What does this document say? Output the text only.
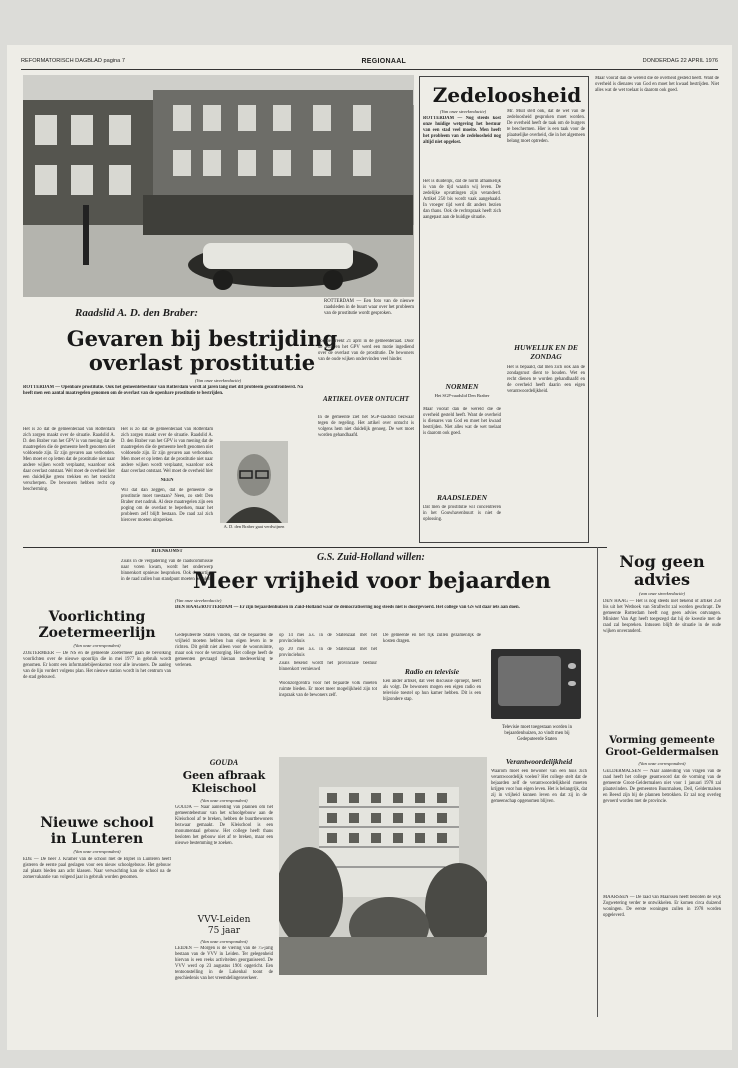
REFORMATORISCH DAGBLAD pagina 7	REGIONAAL	DONDERDAG 22 APRIL 1976
ROTTERDAM — Een foto van de nieuwe raadsleden in de buurt waar over het probleem van de prostitutie wordt gesproken.
Raadslid A. D. den Braber:
Gevaren bij bestrijding
overlast prostitutie
(Van onze streekredactie)
ROTTERDAM — Openbare prostitutie. Ook het gemeentebestuur van Rotterdam wordt al jaren lang met dit probleem geconfronteerd. Na heeft men een aantal maatregelen genomen om de overlast van de openbare prostitutie te bestrijden.
Het is zo dat de gemeenteraad van Rotterdam zich zorgen maakt over de situatie. Raadslid A. D. den Braber van het GPV is van mening dat de maatregelen die de gemeente heeft genomen niet voldoende zijn. Er zijn gevaren aan verbonden. Men moet er op letten dat de prostitutie niet naar andere wijken wordt verplaatst, waardoor ook daar overlast ontstaat. Wel moet de overheid hier een duidelijke grens trekken en het toezicht verscherpen. De bewoners hebben recht op bescherming.
A. D. den Braber gaat verdwijnen
Het is zo dat de gemeenteraad van Rotterdam zich zorgen maakt over de situatie. Raadslid A. D. den Braber van het GPV is van mening dat de maatregelen die de gemeente heeft genomen niet voldoende zijn. Er zijn gevaren aan verbonden. Men moet er op letten dat de prostitutie niet naar andere wijken wordt verplaatst, waardoor ook daar overlast ontstaat. Wel moet de overheid hier
NEEN
Wil dat dan zeggen, dat de gemeente de prostitutie moet toestaan? Neen, zo stelt Den Braber met nadruk. Al deze maatregelen zijn een poging om de overlast te beperken, maar het probleem zelf blijft bestaan. De raad zal zich hierover moeten uitspreken.
BIJENKOMST
Zoals in de vergadering van de raadscommissie naar voren kwam, wordt het onderwerp binnenkort opnieuw besproken. Ook de partijen in de raad zullen hun standpunt moeten bepalen.
doorbespreekt 21 april in de gemeenteraad. Door de SGP en het GPV werd een motie ingediend over de overlast van de prostitutie. De bewoners van de oude wijken ondervinden veel hinder.
ARTIKEL OVER ONTUCHT
In de gemeente ziet het SGP-raadslid bezwaar tegen de regeling. Het artikel over ontucht is volgens hem niet duidelijk genoeg. De wet moet worden gehandhaafd.
Zedeloosheid
(Van onze streekredactie)
ROTTERDAM — Nog steeds kost onze huidige wetgeving het bestuur van een stad veel moeite. Men heeft het probleem van de zedeloosheid nog altijd niet opgelost.
Het is duidelijk, dat de norm afhankelijk is van de tijd waarin wij leven. De zedelijke opvattingen zijn veranderd. Artikel 250 bis wordt vaak aangehaald. In vroeger tijd werd dit anders bezien dan thans. Ook de rechtspraak heeft zich aangepast aan de huidige situatie.
NORMEN
Het SGP-raadslid Den Braber
Mr. Mull stelt ook, dat de wet van de zedeloosheid gesproken moet worden. De overheid heeft de taak om de burgers te beschermen. Hier is een taak voor de plaatselijke overheid, die in het algemeen belang moet optreden.
HUWELIJK EN DE ZONDAG
Het is bepaald, dat men zich ook aan de zondagsrust dient te houden. Wet en recht dienen te worden gehandhaafd en de overheid heeft daarin een eigen verantwoordelijkheid.
Maar vooraf dan de wereld die de overheid gesteld heeft. Want de overheid is dienares van God en moet het kwaad bestrijden. Niet alles wat de wet toelaat is daarom ook goed.
RAADSLEDEN
Dat men de prostitutie wil concentreren in het Gouwhavenbuurt is niet de oplossing.
Maar vooraf dan de wereld die de overheid gesteld heeft. Want de overheid is dienares van God en moet het kwaad bestrijden. Niet alles wat de wet toelaat is daarom ook goed.
G.S. Zuid-Holland willen:
Meer vrijheid voor bejaarden
(Van onze streekredactie)
DEN HAAG/ROTTERDAM — Er zijn bejaardenhuizen in Zuid-Holland waar de democratisering nog steeds niet is doorgevoerd. Het college van GS wil daar iets aan doen.
Gedeputeerde Staten vinden, dat de bejaarden de vrijheid moeten hebben hun eigen leven in te richten. Dit geldt niet alleen voor de woonruimte, maar ook voor de verzorging. Het college heeft de gemeenten gevraagd hieraan medewerking te verlenen.
op 14 mei a.s. in de Statenzaal met het provinciehuis
op 20 mei a.s. in de Statenzaal met het provinciehuis
Zoals bekend wordt het provinciale bestuur binnenkort vernieuwd
Woonzorgcentra voor het bejaarde volk moeten ruimte bieden. Er moet meer mogelijkheid zijn tot inspraak van de bewoners zelf.
De gemeente en het rijk zullen gezamenlijk de kosten dragen.
Radio en televisie
Een ander artikel, dat veel discussie oproept, heeft als volgt. De bewoners mogen een eigen radio en televisie toestel op hun kamer hebben. Dit is een bijzondere stap.
Televisie moet toegestaan worden in bejaardenhuizen, zo vindt men bij Gedeputeerde Staten
Verantwoordelijkheid
Waarom moet een bewoner van een huis zich verantwoordelijk voelen? Het college stelt dat de bejaarden zelf de verantwoordelijkheid moeten krijgen voor hun eigen leven. Het is belangrijk, dat zij in vrijheid kunnen leven en dat zij in de gemeenschap opgenomen blijven.
Voorlichting
Zoetermeerlijn
(Van onze correspondent)
ZOETERMEER — De NS en de gemeente Zoetermeer gaan de bevolking voorlichten over de nieuwe spoorlijn die in mei 1977 in gebruik wordt genomen. Er komt een informatiebijeenkomst voor alle inwoners. De aanleg van de lijn vordert volgens plan. Het nieuwe station wordt in het centrum van de stad gebouwd.
Nieuwe school
in Lunteren
(Van onze correspondent)
EDE — De heer J. Kramer van de school met de Bijbel in Lunteren heeft gisteren de eerste paal geslagen voor een nieuw schoolgebouw. Het gebouw zal plaats bieden aan acht klassen. Naar verwachting kan de school na de zomervakantie van volgend jaar in gebruik worden genomen.
GOUDA
Geen afbraak
Kleischool
(Van onze correspondent)
GOUDA — Naar aanleiding van plannen om het gemeentebestuur van het schoolgebouw aan de Kleischool af te breken, hebben de buurtbewoners bezwaar gemaakt. De Kleischool is een monumentaal gebouw. Het college heeft thans besloten het gebouw niet af te breken, maar een nieuwe bestemming te zoeken.
VVV-Leiden
75 jaar
(Van onze correspondent)
LEIDEN — Morgen is de viering van de 75-jarig bestaan van de VVV in Leiden. Ter gelegenheid hiervan is een reeks activiteiten georganiseerd. De VVV werd op 23 augustus 1901 opgericht. Een tentoonstelling in de Lakenhal toont de geschiedenis van het vreemdelingenverkeer.
Nog geen
advies
(van onze streekredactie)
DEN HAAG — Het is nog steeds niet bekend of artikel 250 bis uit het Wetboek van Strafrecht zal worden geschrapt. De gemeente Rotterdam heeft nog geen advies ontvangen. Minister Van Agt heeft toegezegd dat hij de kwestie met de raad zal bespreken. Intussen blijft de situatie in de oude wijken onveranderd.
Vorming gemeente
Groot-Geldermalsen
(Van onze correspondent)
GELDERMALSEN — Naar aanleiding van vragen van de raad heeft het college geantwoord dat de vorming van de gemeente Groot-Geldermalsen niet voor 1 januari 1978 zal plaatsvinden. De gemeenten Buurmalsen, Deil, Geldermalsen en Beesd zijn bij de plannen betrokken. Er zal nog overleg gevoerd worden met de provincie.
MAARSSEN — De raad van Maarssen heeft besloten de wijk Zogwetering verder te ontwikkelen. Er komen circa duizend woningen. De eerste woningen zullen in 1978 worden opgeleverd.
